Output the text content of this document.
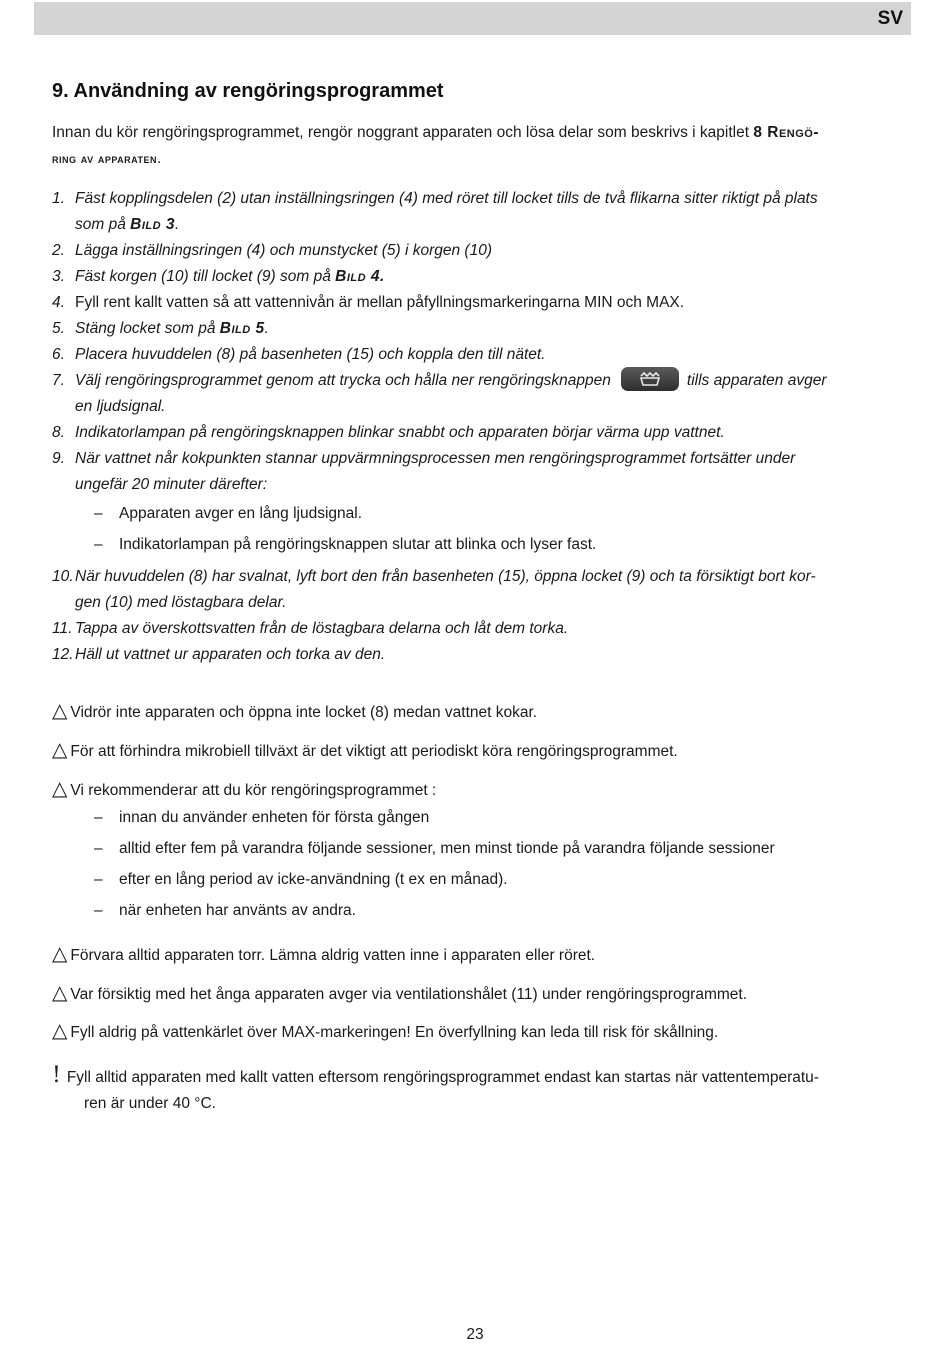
SV
9. Användning av rengöringsprogrammet
Innan du kör rengöringsprogrammet, rengör noggrant apparaten och lösa delar som beskrivs i kapitlet 8 Rengö-
ring av apparaten.
1. Fäst kopplingsdelen (2) utan inställningsringen (4) med röret till locket tills de två flikarna sitter riktigt på plats
som på Bild 3.
2. Lägga inställningsringen (4) och munstycket (5) i korgen (10)
3. Fäst korgen (10) till locket (9) som på Bild 4.
4. Fyll rent kallt vatten så att vattennivån är mellan påfyllningsmarkeringarna MIN och MAX.
5. Stäng locket som på Bild 5.
6. Placera huvuddelen (8) på basenheten (15) och koppla den till nätet.
7. Välj rengöringsprogrammet genom att trycka och hålla ner rengöringsknappen	tills apparaten avger
en ljudsignal.
8. Indikatorlampan på rengöringsknappen blinkar snabbt och apparaten börjar värma upp vattnet.
9. När vattnet når kokpunkten stannar uppvärmningsprocessen men rengöringsprogrammet fortsätter under
ungefär 20 minuter därefter:
– Apparaten avger en lång ljudsignal.
– Indikatorlampan på rengöringsknappen slutar att blinka och lyser fast.
10. När huvuddelen (8) har svalnat, lyft bort den från basenheten (15), öppna locket (9) och ta försiktigt bort kor-
gen (10) med löstagbara delar.
11. Tappa av överskottsvatten från de löstagbara delarna och låt dem torka.
12. Häll ut vattnet ur apparaten och torka av den.
△ Vidrör inte apparaten och öppna inte locket (8) medan vattnet kokar.
△ För att förhindra mikrobiell tillväxt är det viktigt att periodiskt köra rengöringsprogrammet.
△ Vi rekommenderar att du kör rengöringsprogrammet :
– innan du använder enheten för första gången
– alltid efter fem på varandra följande sessioner, men minst tionde på varandra följande sessioner
– efter en lång period av icke-användning (t ex en månad).
– när enheten har använts av andra.
△ Förvara alltid apparaten torr. Lämna aldrig vatten inne i apparaten eller röret.
△ Var försiktig med het ånga apparaten avger via ventilationshålet (11) under rengöringsprogrammet.
△ Fyll aldrig på vattenkärlet över MAX-markeringen! En överfyllning kan leda till risk för skållning.
! Fyll alltid apparaten med kallt vatten eftersom rengöringsprogrammet endast kan startas när vattentemperatu-
ren är under 40 °C.
23
